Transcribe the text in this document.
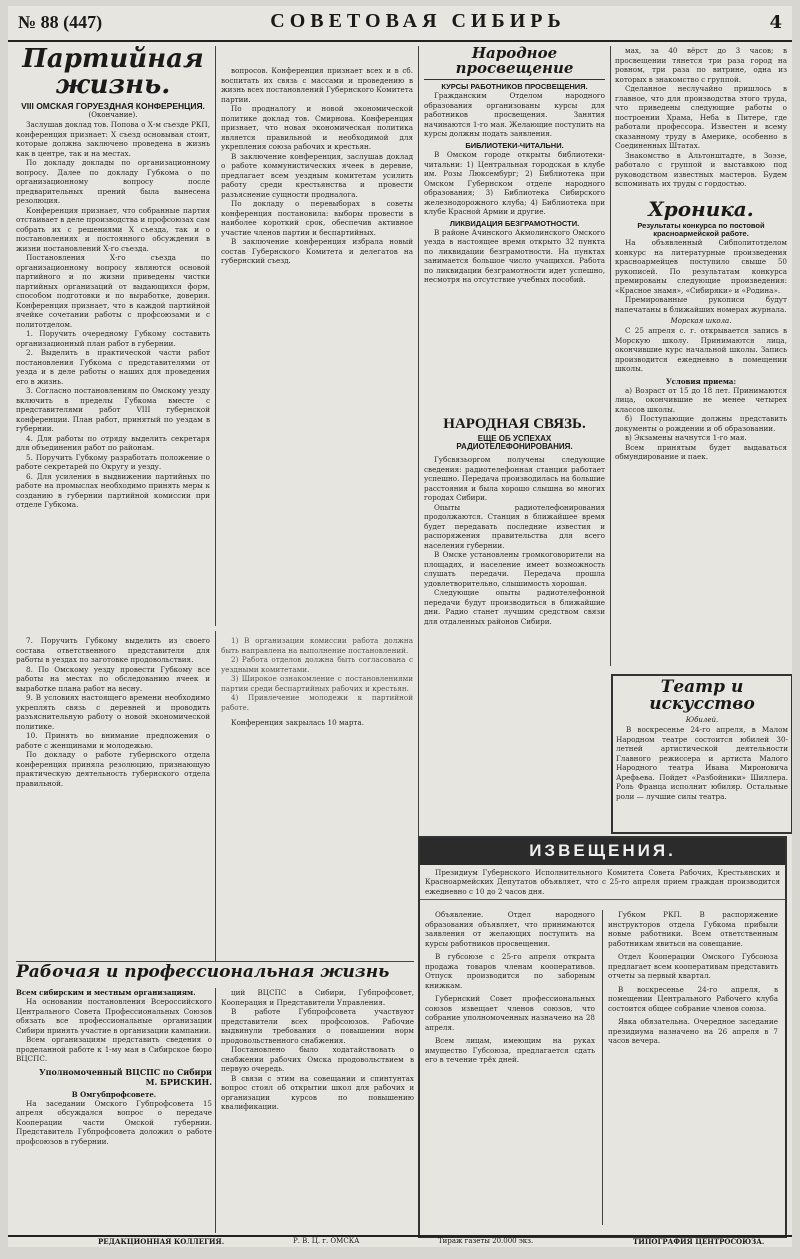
№ 88 (447)	СОВЕТОВАЯ СИБИРЬ	4
Партийная жизнь.
VIII ОМСКАЯ ГОРУЕЗДНАЯ КОНФЕРЕНЦИЯ.
(Окончание).
Заслушав доклад тов. Попова о Х-м съезде РКП, конференция признает: Х съезд основывая стоит, которые должна заключено проведена в жизнь как в центре, так и на местах.
По докладу доклады по организационному вопросу. Далее по докладу Губкома о по организационному вопросу после предварительных прений была вынесена резолюция.
Конференция признает, что собранные партия отстаивает в деле производства и профсоюзах сам собрать их с решениями X съезда, так и о постановлениях и постоянного обсуждения в жизни постановлений Х-го съезда.
Постановления Х-го съезда по организационному вопросу являются основой партийного и по жизни приведены чистки партийных организаций от выдающихся форм, способом подготовки и по выработке, доверия. Конференция признает, что в каждой партийной ячейке сочетании работы с профсоюзами и с политотделом.
1. Поручить очередному Губкому составить организационный план работ в губернии.
2. Выделить в практической части работ постановления Губкома с представителями от уезда и в деле работы о наших для проведения его в жизнь.
3. Согласно постановлениям по Омскому уезду включить в пределы Губкома вместе с представителями работ VIII губернской конференции. План работ, принятый по уездам в губернии.
4. Для работы по отряду выделить секретаря для объединения работ по районам.
5. Поручить Губкому разработать положение о работе секретарей по Округу и уезду.
6. Для усиления в выдвижении партийных по работе на промыслах необходимо принять меры к созданию в губернии партийной комиссии при отделе Губкома.
вопросов. Конференция признает всех и в сб. воспитать их связь с массами и проведению в жизнь всех постановлений Губернского Комитета партии.
По продналогу и новой экономической политике доклад тов. Смирнова. Конференция признает, что новая экономическая политика является правильной и необходимой для укрепления союза рабочих и крестьян.
В заключение конференция, заслушав доклад о работе коммунистических ячеек в деревне, предлагает всем уездным комитетам усилить работу среди крестьянства и провести разъяснение сущности продналога.
По докладу о перевыборах в советы конференция постановила: выборы провести в наиболее короткий срок, обеспечив активное участие членов партии и беспартийных.
В заключение конференция избрала новый состав Губернского Комитета и делегатов на губернский съезд.
7. Поручить Губкому выделить из своего состава ответственного представителя для работы в уездах по заготовке продовольствия.
8. По Омскому уезду провести Губкому все работы на местах по обследованию ячеек и выработке плана работ на весну.
9. В условиях настоящего времени необходимо укреплять связь с деревней и проводить разъяснительную работу о новой экономической политике.
10. Принять во внимание предложения о работе с женщинами и молодежью.
По докладу о работе губернского отдела конференция приняла резолюцию, признающую практическую деятельность губернского отдела правильной.
1) В организации комиссии работа должна быть направлена на выполнение постановлений.
2) Работа отделов должна быть согласована с уездными комитетами.
3) Широкое ознакомление с постановлениями партии среди беспартийных рабочих и крестьян.
4) Привлечение молодежи к партийной работе.
Конференция закрылась 10 марта.
Народное просвещение
КУРСЫ РАБОТНИКОВ ПРОСВЕЩЕНИЯ.
Гражданским Отделом народного образования организованы курсы для работников просвещения. Занятия начинаются 1-го мая. Желающие поступить на курсы должны подать заявления.
БИБЛИОТЕКИ-ЧИТАЛЬНИ.
В Омском городе открыты библиотеки-читальни: 1) Центральная городская в клубе им. Розы Люксембург; 2) Библиотека при Омском Губернском отделе народного образования; 3) Библиотека Сибирского железнодорожного клуба; 4) Библиотека при клубе Красной Армии и другие.
ЛИКВИДАЦИЯ БЕЗГРАМОТНОСТИ.
В районе Ачинского Акмолинского Омского уезда в настоящее время открыто 32 пункта по ликвидации безграмотности. На пунктах занимается большое число учащихся. Работа по ликвидации безграмотности идет успешно, несмотря на отсутствие учебных пособий.
НАРОДНАЯ СВЯЗЬ.
ЕЩЕ ОБ УСПЕХАХ РАДИОТЕЛЕФОНИРОВАНИЯ.
Губсвязьоргом получены следующие сведения: радиотелефонная станция работает успешно. Передача производилась на большие расстояния и была хорошо слышна во многих городах Сибири.
Опыты радиотелефонирования продолжаются. Станция в ближайшее время будет передавать последние известия и распоряжения правительства для всего населения губернии.
В Омске установлены громкоговорители на площадях, и население имеет возможность слушать передачи. Передача прошла удовлетворительно, слышимость хорошая.
Следующие опыты радиотелефонной передачи будут производиться в ближайшие дни. Радио станет лучшим средством связи для отдаленных районов Сибири.
мах, за 40 вёрст до 3 часов; в просвещении тянется три раза город на ровном, три раза по витрине, одна из которых в знакомство с группой.
Сделанное неслучайно пришлось в главное, что для производства этого труда, что приведены следующие работы о построении Храма, Неба в Питере, где работали профессора. Известен и всему сказанному труду в Америке, особенно в Соединенных Штатах.
Знакомство в Альтонштадте, в Зоэзе, работало с группой и выставкою под руководством известных мастеров. Будем вспоминать их труды с гордостью.
Хроника.
Результаты конкурса по постовой красноармейской работе.
На объявленный Сибполитотделом конкурс на литературные произведения красноармейцев поступило свыше 50 рукописей. По результатам конкурса премированы следующие произведения: «Красное знамя», «Сибиряки» и «Родина».
Премированные рукописи будут напечатаны в ближайших номерах журнала.
Морская школа.
С 25 апреля с. г. открывается запись в Морскую школу. Принимаются лица, окончившие курс начальной школы. Запись производится ежедневно в помещении школы.
Условия приема:
а) Возраст от 15 до 18 лет. Принимаются лица, окончившие не менее четырех классов школы.
б) Поступающие должны представить документы о рождении и об образовании.
в) Экзамены начнутся 1-го мая.
Всем принятым будет выдаваться обмундирование и паек.
Театр и искусство
Юбилей.
В воскресенье 24-го апреля, в Малом Народном театре состоится юбилей 30-летней артистической деятельности Главного режиссера и артиста Малого Народного театра Ивана Мироновича Арефьева. Пойдет «Разбойники» Шиллера. Роль Франца исполнит юбиляр. Остальные роли — лучшие силы театра.
ИЗВЕЩЕНИЯ.
Президиум Губернского Исполнительного Комитета Совета Рабочих, Крестьянских и Красноармейских Депутатов объявляет, что с 25-го апреля прием граждан производится ежедневно с 10 до 2 часов дня.
Объявление. Отдел народного образования объявляет, что принимаются заявления от желающих поступить на курсы работников просвещения.
В губсоюзе с 25-го апреля открыта продажа товаров членам кооперативов. Отпуск производится по заборным книжкам.
Губернский Совет профессиональных союзов извещает членов союзов, что собрание уполномоченных назначено на 28 апреля.
Всем лицам, имеющим на руках имущество Губсоюза, предлагается сдать его в течение трёх дней.
Губком РКП. В распоряжение инструкторов отдела Губкома прибыли новые работники. Всем ответственным работникам явиться на совещание.
Отдел Кооперации Омского Губсоюза предлагает всем кооперативам представить отчеты за первый квартал.
В воскресенье 24-го апреля, в помещении Центрального Рабочего клуба состоится общее собрание членов союза.
Явка обязательна. Очередное заседание президиума назначено на 26 апреля в 7 часов вечера.
Рабочая и профессиональная жизнь
Всем сибирским и местным организациям.
На основании постановления Всероссийского Центрального Совета Профессиональных Союзов обязать все профессиональные организации Сибири принять участие в организации кампании.
Всем организациям представить сведения о проделанной работе к 1-му мая в Сибирское бюро ВЦСПС.
Уполномоченный ВЦСПС по Сибири
М. БРИСКИН.
В Омгубпрофсовете.
На заседании Омского Губпрофсовета 15 апреля обсуждался вопрос о передаче Кооперации части Омской губернии. Представитель Губпрофсовета доложил о работе профсоюзов в губернии.
ций ВЦСПС в Сибири, Губпрофсовет, Кооперация и Представители Управления.
В работе Губпрофсовета участвуют представители всех профсоюзов. Рабочие выдвинули требования о повышении норм продовольственного снабжения.
Постановлено было ходатайствовать о снабжении рабочих Омска продовольствием в первую очередь.
В связи с этим на совещании и спинтунтах вопрос стоял об открытии школ для рабочих и организации курсов по повышению квалификации.
РЕДАКЦИОННАЯ КОЛЛЕГИЯ.	Р. В. Ц. г. ОМСКА	Тираж газеты 20.000 экз.	ТИПОГРАФИЯ ЦЕНТРОСОЮЗА.
